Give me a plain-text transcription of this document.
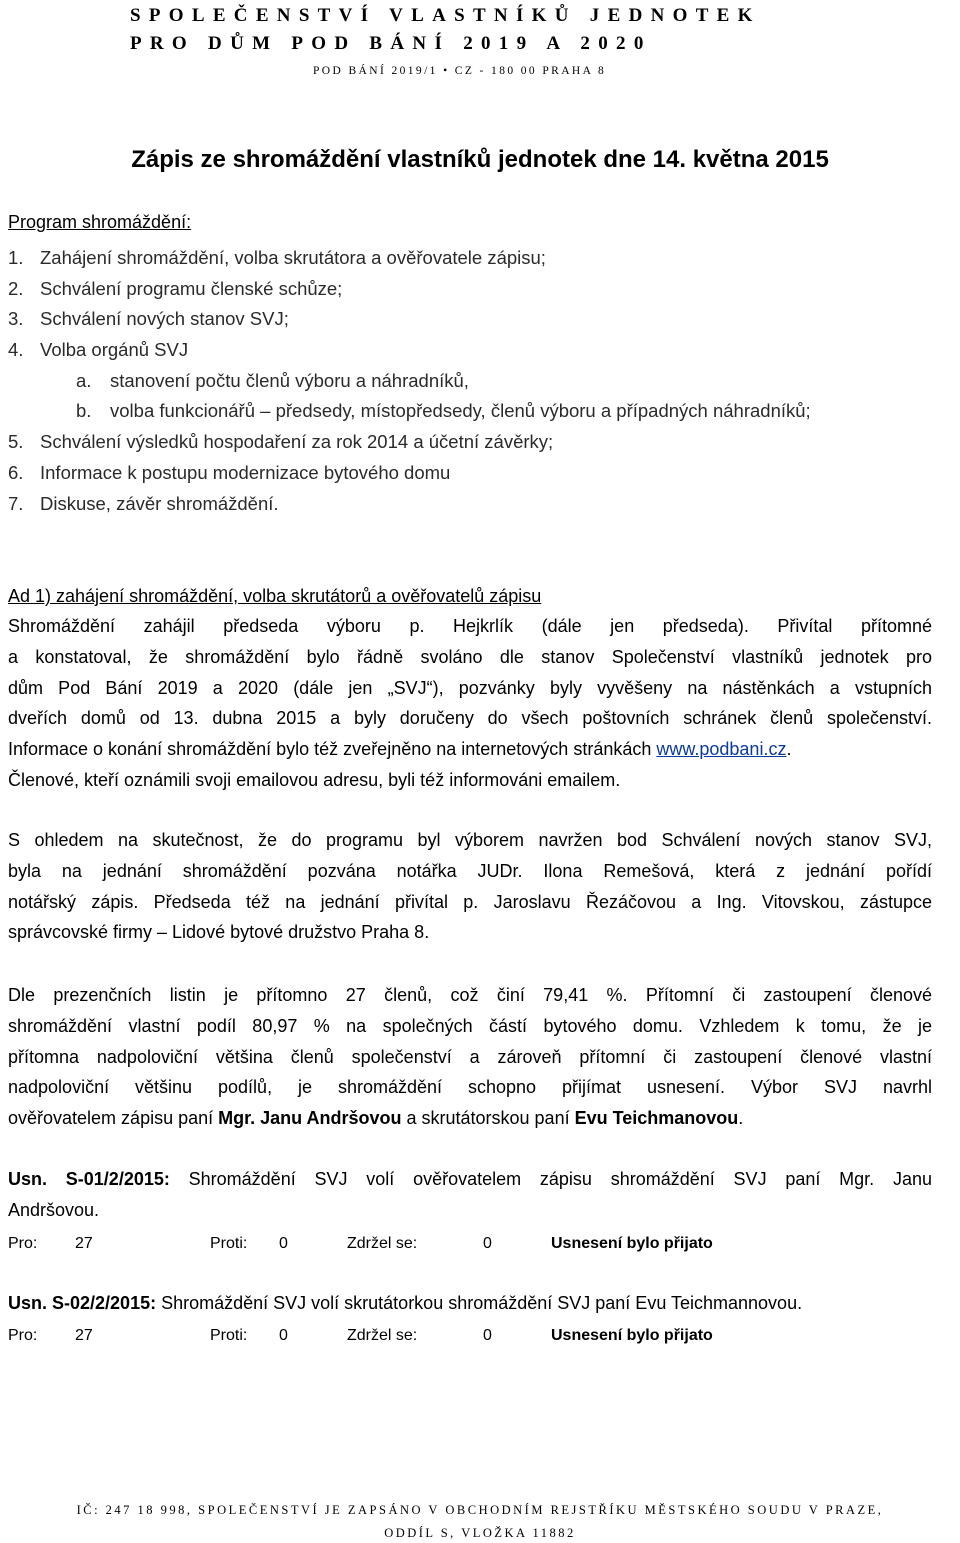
SPOLEČENSTVÍ VLASTNÍKŮ JEDNOTEK
PRO DŮM POD BÁNÍ 2019 A 2020
POD BÁNÍ 2019/1 • CZ - 180 00 PRAHA 8
Zápis ze shromáždění vlastníků jednotek dne 14. května 2015
Program shromáždění:
1. Zahájení shromáždění, volba skrutátora a ověřovatele zápisu;
2. Schválení programu členské schůze;
3. Schválení nových stanov SVJ;
4. Volba orgánů SVJ
a. stanovení počtu členů výboru a náhradníků,
b. volba funkcionářů – předsedy, místopředsedy, členů výboru a případných náhradníků;
5. Schválení výsledků hospodaření za rok 2014 a účetní závěrky;
6. Informace k postupu modernizace bytového domu
7. Diskuse, závěr shromáždění.
Ad 1) zahájení shromáždění, volba skrutátorů a ověřovatelů zápisu
Shromáždění zahájil předseda výboru p. Hejkrlík (dále jen předseda). Přivítal přítomné
a konstatoval, že shromáždění bylo řádně svoláno dle stanov Společenství vlastníků jednotek pro
dům Pod Bání 2019 a 2020 (dále jen „SVJ“), pozvánky byly vyvěšeny na nástěnkách a vstupních
dveřích domů od 13. dubna 2015 a byly doručeny do všech poštovních schránek členů společenství.
Informace o konání shromáždění bylo též zveřejněno na internetových stránkách www.podbani.cz.
Členové, kteří oznámili svoji emailovou adresu, byli též informováni emailem.
S ohledem na skutečnost, že do programu byl výborem navržen bod Schválení nových stanov SVJ,
byla na jednání shromáždění pozvána notářka JUDr. Ilona Remešová, která z jednání pořídí
notářský zápis. Předseda též na jednání přivítal p. Jaroslavu Řezáčovou a Ing. Vitovskou, zástupce
správcovské firmy – Lidové bytové družstvo Praha 8.
Dle prezenčních listin je přítomno 27 členů, což činí 79,41 %. Přítomní či zastoupení členové
shromáždění vlastní podíl 80,97 % na společných částí bytového domu. Vzhledem k tomu, že je
přítomna nadpoloviční většina členů společenství a zároveň přítomní či zastoupení členové vlastní
nadpoloviční většinu podílů, je shromáždění schopno přijímat usnesení. Výbor SVJ navrhl
ověřovatelem zápisu paní Mgr. Janu Andršovou a skrutátorskou paní Evu Teichmanovou.
Usn. S-01/2/2015: Shromáždění SVJ volí ověřovatelem zápisu shromáždění SVJ paní Mgr. Janu
Andršovou.
Pro: 27	Proti: 0	Zdržel se:	0	Usnesení bylo přijato
Usn. S-02/2/2015: Shromáždění SVJ volí skrutátorkou shromáždění SVJ paní Evu Teichmannovou.
Pro: 27	Proti: 0	Zdržel se:	0	Usnesení bylo přijato
IČ: 247 18 998, SPOLEČENSTVÍ JE ZAPSÁNO V OBCHODNÍM REJSTŘÍKU MĚSTSKÉHO SOUDU V PRAZE,
ODDÍL S, VLOŽKA 11882
